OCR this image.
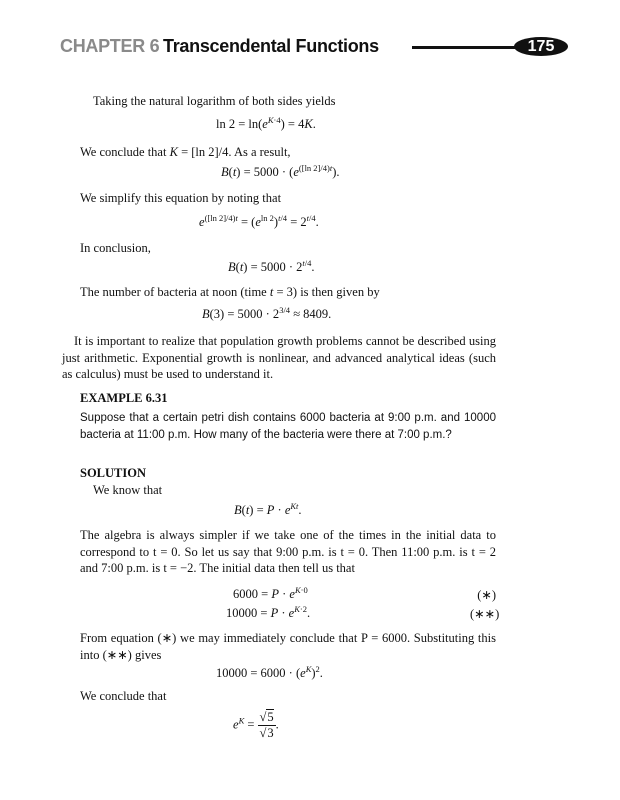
CHAPTER 6 Transcendental Functions	175
Taking the natural logarithm of both sides yields
$\ln 2 = \ln(e^{K\cdot 4}) = 4K$.
We conclude that K = [ln 2]/4. As a result,
$B(t) = 5000 \cdot (e^{([ln 2]/4)t})$.
We simplify this equation by noting that
$e^{([ln 2]/4)t} = (e^{ln 2})^{t/4} = 2^{t/4}$.
In conclusion,
$B(t) = 5000 \cdot 2^{t/4}$.
The number of bacteria at noon (time t = 3) is then given by
$B(3) = 5000 \cdot 2^{3/4} \approx 8409$.
It is important to realize that population growth problems cannot be described using just arithmetic. Exponential growth is nonlinear, and advanced analytical ideas (such as calculus) must be used to understand it.
EXAMPLE 6.31
Suppose that a certain petri dish contains 6000 bacteria at 9:00 p.m. and 10000 bacteria at 11:00 p.m. How many of the bacteria were there at 7:00 p.m.?
SOLUTION
We know that
$B(t) = P \cdot e^{Kt}$.
The algebra is always simpler if we take one of the times in the initial data to correspond to t = 0. So let us say that 9:00 p.m. is t = 0. Then 11:00 p.m. is t = 2 and 7:00 p.m. is t = −2. The initial data then tell us that
$6000 = P \cdot e^{K\cdot 0}$	(∗)
$10000 = P \cdot e^{K\cdot 2}$.	(∗∗)
From equation (∗) we may immediately conclude that P = 6000. Substituting this into (∗∗) gives
$10000 = 6000 \cdot (e^K)^2$.
We conclude that
$e^K = \frac{√5}{√3}$ .
